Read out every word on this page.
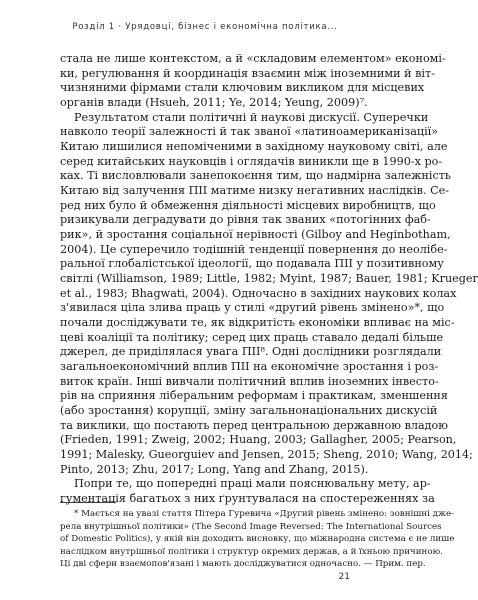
Розділ 1 · Урядовці, бізнес і економічна політика...
стала не лише контекстом, а й «складовим елементом» економі-
ки, регулювання й координація взаємин між іноземними й віт-
чизняними фірмами стали ключовим викликом для місцевих
органів влади (Hsueh, 2011; Ye, 2014; Yeung, 2009)⁷.
Результатом стали політичні й наукові дискусії. Суперечки
навколо теорії залежності й так званої «латиноамериканізації»
Китаю лишилися непоміченими в західному науковому світі, але
серед китайських науковців і оглядачів виникли ще в 1990-х ро-
ках. Ті висловлювали занепокоєння тим, що надмірна залежність
Китаю від залучення ПІІ матиме низку негативних наслідків. Се-
ред них було й обмеження діяльності місцевих виробництв, що
ризикували деградувати до рівня так званих «потогінних фаб-
рик», й зростання соціальної нерівності (Gilboy and Heginbotham,
2004). Це суперечило тодішній тенденції повернення до неолібе-
ральної глобалістської ідеології, що подавала ПІІ у позитивному
світлі (Williamson, 1989; Little, 1982; Myint, 1987; Bauer, 1981; Krueger
et al., 1983; Bhagwati, 2004). Одночасно в західних наукових колах
з'явилася ціла злива праць у стилі «другий рівень змінено»*, що
почали досліджувати те, як відкритість економіки впливає на міс-
цеві коаліції та політику; серед цих праць ставало дедалі більше
джерел, де приділялася увага ПІІ⁸. Одні дослідники розглядали
загальноекономічний вплив ПІІ на економічне зростання і роз-
виток країн. Інші вивчали політичний вплив іноземних інвесто-
рів на сприяння ліберальним реформам і практикам, зменшення
(або зростання) корупції, зміну загальнонаціональних дискусій
та виклики, що постають перед центральною державною владою
(Frieden, 1991; Zweig, 2002; Huang, 2003; Gallagher, 2005; Pearson,
1991; Malesky, Gueorguiev and Jensen, 2015; Sheng, 2010; Wang, 2014;
Pinto, 2013; Zhu, 2017; Long, Yang and Zhang, 2015).
Попри те, що попередні праці мали пояснювальну мету, ар-
гументація багатьох з них ґрунтувалася на спостереженнях за
* Мається на увазі стаття Пітера Гуревича «Другий рівень змінено: зовнішні дже-
рела внутрішньої політики» (The Second Image Reversed: The International Sources
of Domestic Politics), у якій він доходить висновку, що міжнародна система є не лише
наслідком внутрішньої політики і структур окремих держав, а й їхньою причиною.
Ці дві сфери взаємопов'язані і мають досліджуватися одночасно. — Прим. пер.
21
